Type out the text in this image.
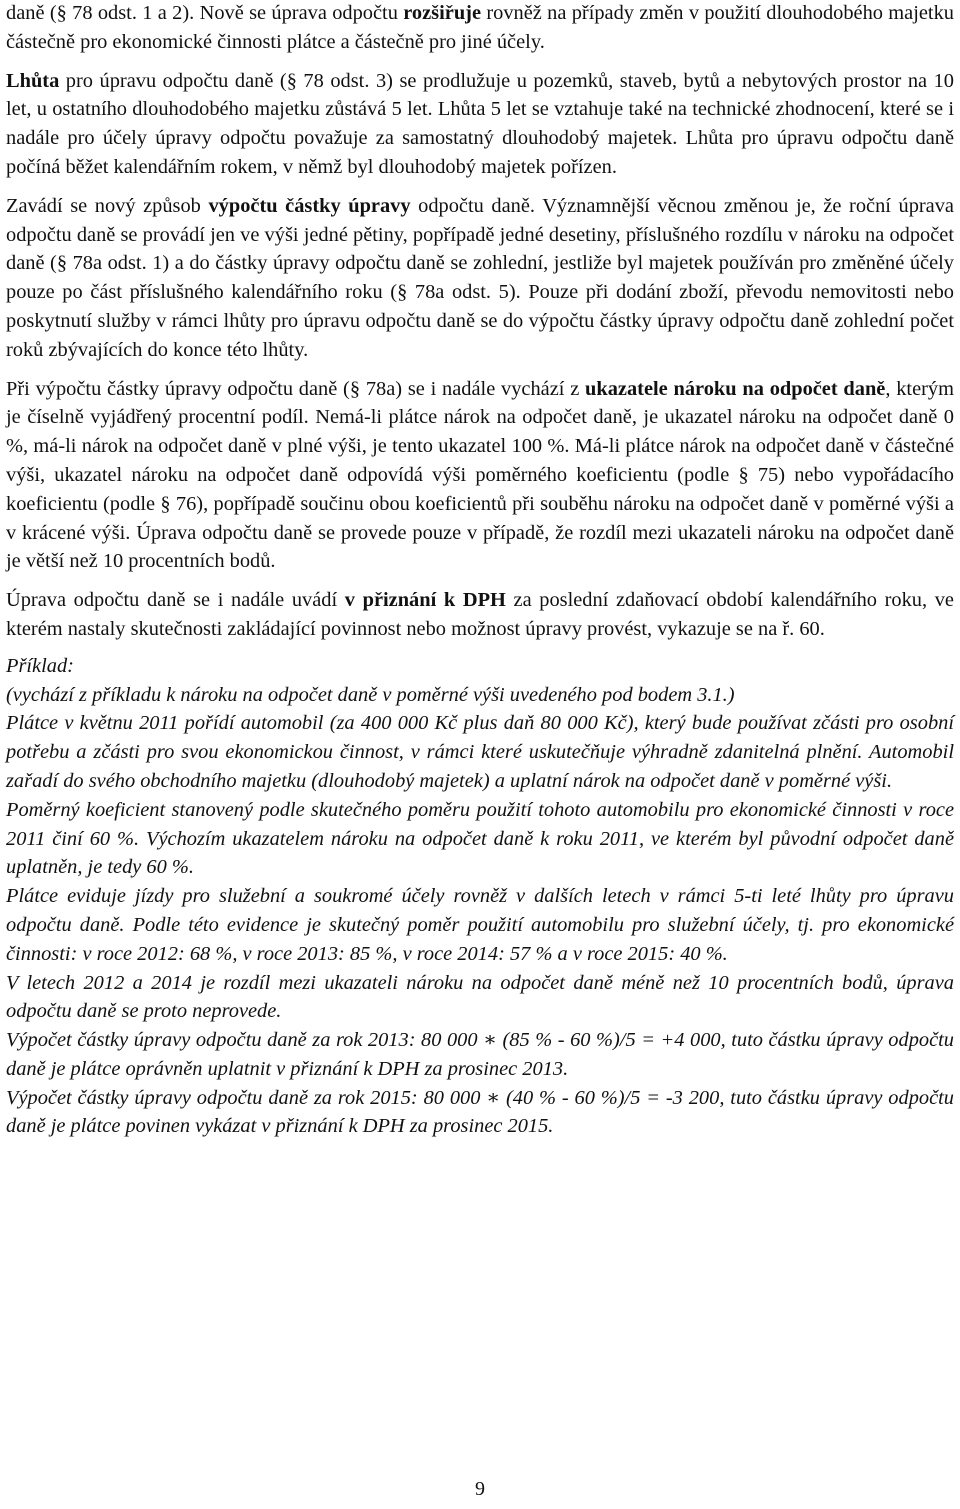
daně (§ 78 odst. 1 a 2). Nově se úprava odpočtu rozšiřuje rovněž na případy změn v použití dlouhodobého majetku částečně pro ekonomické činnosti plátce a částečně pro jiné účely.

Lhůta pro úpravu odpočtu daně (§ 78 odst. 3) se prodlužuje u pozemků, staveb, bytů a nebytových prostor na 10 let, u ostatního dlouhodobého majetku zůstává 5 let. Lhůta 5 let se vztahuje také na technické zhodnocení, které se i nadále pro účely úpravy odpočtu považuje za samostatný dlouhodobý majetek. Lhůta pro úpravu odpočtu daně počíná běžet kalendářním rokem, v němž byl dlouhodobý majetek pořízen.

Zavádí se nový způsob výpočtu částky úpravy odpočtu daně. Významnější věcnou změnou je, že roční úprava odpočtu daně se provádí jen ve výši jedné pětiny, popřípadě jedné desetiny, příslušného rozdílu v nároku na odpočet daně (§ 78a odst. 1) a do částky úpravy odpočtu daně se zohlední, jestliže byl majetek používán pro změněné účely pouze po část příslušného kalendářního roku (§ 78a odst. 5). Pouze při dodání zboží, převodu nemovitosti nebo poskytnutí služby v rámci lhůty pro úpravu odpočtu daně se do výpočtu částky úpravy odpočtu daně zohlední počet roků zbývajících do konce této lhůty.

Při výpočtu částky úpravy odpočtu daně (§ 78a) se i nadále vychází z ukazatele nároku na odpočet daně, kterým je číselně vyjádřený procentní podíl. Nemá-li plátce nárok na odpočet daně, je ukazatel nároku na odpočet daně 0 %, má-li nárok na odpočet daně v plné výši, je tento ukazatel 100 %. Má-li plátce nárok na odpočet daně v částečné výši, ukazatel nároku na odpočet daně odpovídá výši poměrného koeficientu (podle § 75) nebo vypořádacího koeficientu (podle § 76), popřípadě součinu obou koeficientů při souběhu nároku na odpočet daně v poměrné výši a v krácené výši. Úprava odpočtu daně se provede pouze v případě, že rozdíl mezi ukazateli nároku na odpočet daně je větší než 10 procentních bodů.

Úprava odpočtu daně se i nadále uvádí v přiznání k DPH za poslední zdaňovací období kalendářního roku, ve kterém nastaly skutečnosti zakládající povinnost nebo možnost úpravy provést, vykazuje se na ř. 60.

Příklad:

(vychází z příkladu k nároku na odpočet daně v poměrné výši uvedeného pod bodem 3.1.)

Plátce v květnu 2011 pořídí automobil (za 400 000 Kč plus daň 80 000 Kč), který bude používat zčásti pro osobní potřebu a zčásti pro svou ekonomickou činnost, v rámci které uskutečňuje výhradně zdanitelná plnění. Automobil zařadí do svého obchodního majetku (dlouhodobý majetek) a uplatní nárok na odpočet daně v poměrné výši.

Poměrný koeficient stanovený podle skutečného poměru použití tohoto automobilu pro ekonomické činnosti v roce 2011 činí 60 %. Výchozím ukazatelem nároku na odpočet daně k roku 2011, ve kterém byl původní odpočet daně uplatněn, je tedy 60 %.

Plátce eviduje jízdy pro služební a soukromé účely rovněž v dalších letech v rámci 5-ti leté lhůty pro úpravu odpočtu daně. Podle této evidence je skutečný poměr použití automobilu pro služební účely, tj. pro ekonomické činnosti: v roce 2012: 68 %, v roce 2013: 85 %, v roce 2014: 57 % a v roce 2015: 40 %.

V letech 2012 a 2014 je rozdíl mezi ukazateli nároku na odpočet daně méně než 10 procentních bodů, úprava odpočtu daně se proto neprovede.

Výpočet částky úpravy odpočtu daně za rok 2013: 80 000 ∗ (85 % - 60 %)/5 = +4 000, tuto částku úpravy odpočtu daně je plátce oprávněn uplatnit v přiznání k DPH za prosinec 2013.

Výpočet částky úpravy odpočtu daně za rok 2015: 80 000 ∗ (40 % - 60 %)/5 = -3 200, tuto částku úpravy odpočtu daně je plátce povinen vykázat v přiznání k DPH za prosinec 2015.

9
